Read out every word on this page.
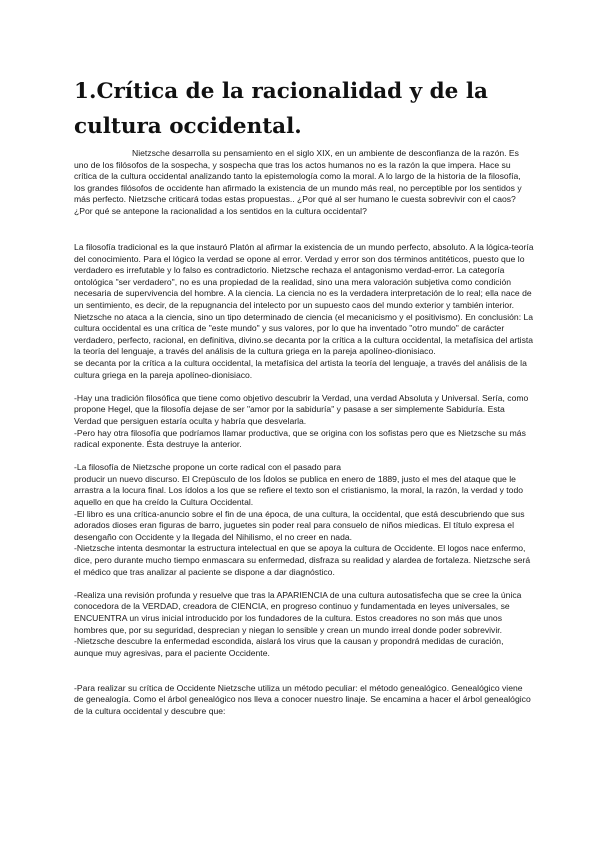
1.Crítica de la racionalidad y de la cultura occidental.

Nietzsche desarrolla su pensamiento en el siglo XIX, en un ambiente de desconfianza de la razón. Es uno de los filósofos de la sospecha, y sospecha que tras los actos humanos no es la razón la que impera. Hace su crítica de la cultura occidental analizando tanto la epistemología como la moral. A lo largo de la historia de la filosofía, los grandes filósofos de occidente han afirmado la existencia de un mundo más real, no perceptible por los sentidos y más perfecto. Nietzsche criticará todas estas propuestas.. ¿Por qué al ser humano le cuesta sobrevivir con el caos? ¿Por qué se antepone la racionalidad a los sentidos en la cultura occidental?

La filosofía tradicional es la que instauró Platón al afirmar la existencia de un mundo perfecto, absoluto. A la lógica-teoría del conocimiento. Para el lógico la verdad se opone al error. Verdad y error son dos términos antitéticos, puesto que lo verdadero es irrefutable y lo falso es contradictorio. Nietzsche rechaza el antagonismo verdad-error. La categoría ontológica "ser verdadero", no es una propiedad de la realidad, sino una mera valoración subjetiva como condición necesaria de supervivencia del hombre. A la ciencia. La ciencia no es la verdadera interpretación de lo real; ella nace de un sentimiento, es decir, de la repugnancia del intelecto por un supuesto caos del mundo exterior y también interior. Nietzsche no ataca a la ciencia, sino un tipo determinado de ciencia (el mecanicismo y el positivismo). En conclusión: La cultura occidental es una crítica de "este mundo" y sus valores, por lo que ha inventado "otro mundo" de carácter verdadero, perfecto, racional, en definitiva, divino.se decanta por la crítica a la cultura occidental, la metafísica del artista la teoría del lenguaje, a través del análisis de la cultura griega en la pareja apolíneo-dionisiaco.

se decanta por la crítica a la cultura occidental, la metafísica del artista la teoría del lenguaje, a través del análisis de la cultura griega en la pareja apolíneo-dionisiaco.

-Hay una tradición filosófica que tiene como objetivo descubrir la Verdad, una verdad Absoluta y Universal. Sería, como propone Hegel, que la filosofía dejase de ser "amor por la sabiduría" y pasase a ser simplemente Sabiduría. Esta Verdad que persiguen estaría oculta y habría que desvelarla.

-Pero hay otra filosofía que podríamos llamar productiva, que se origina con los sofistas pero que es Nietzsche su más radical exponente. Ésta destruye la anterior.

-La filosofía de Nietzsche propone un corte radical con el pasado para

producir un nuevo discurso. El Crepúsculo de los Ídolos se publica en enero de 1889, justo el mes del ataque que le arrastra a la locura final. Los ídolos a los que se refiere el texto son el cristianismo, la moral, la razón, la verdad y todo aquello en que ha creído la Cultura Occidental.

-El libro es una crítica-anuncio sobre el fin de una época, de una cultura, la occidental, que está descubriendo que sus adorados dioses eran figuras de barro, juguetes sin poder real para consuelo de niños miedicas. El título expresa el desengaño con Occidente y la llegada del Nihilismo, el no creer en nada.

-Nietzsche intenta desmontar la estructura intelectual en que se apoya la cultura de Occidente. El logos nace enfermo, dice, pero durante mucho tiempo enmascara su enfermedad, disfraza su realidad y alardea de fortaleza. Nietzsche será el médico que tras analizar al paciente se dispone a dar diagnóstico.

-Realiza una revisión profunda y resuelve que tras la APARIENCIA de una cultura autosatisfecha que se cree la única conocedora de la VERDAD, creadora de CIENCIA, en progreso continuo y fundamentada en leyes universales, se ENCUENTRA un virus inicial introducido por los fundadores de la cultura. Estos creadores no son más que unos hombres que, por su seguridad, desprecian y niegan lo sensible y crean un mundo irreal donde poder sobrevivir.

-Nietzsche descubre la enfermedad escondida, aislará los virus que la causan y propondrá medidas de curación, aunque muy agresivas, para el paciente Occidente.

-Para realizar su crítica de Occidente Nietzsche utiliza un método peculiar: el método genealógico. Genealógico viene de genealogía. Como el árbol genealógico nos lleva a conocer nuestro linaje. Se encamina a hacer el árbol genealógico de la cultura occidental y descubre que:
